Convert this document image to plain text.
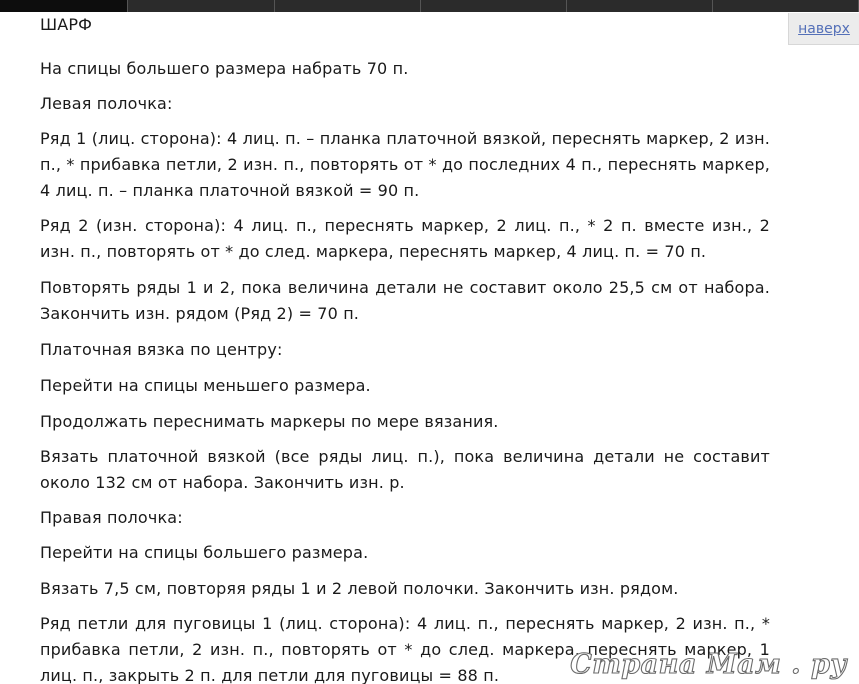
наверх

ШАРФ

На спицы большего размера набрать 70 п.

Левая полочка:

Ряд 1 (лиц. сторона): 4 лиц. п. – планка платочной вязкой, переснять маркер, 2 изн. п., * прибавка петли, 2 изн. п., повторять от * до последних 4 п., переснять маркер, 4 лиц. п. – планка платочной вязкой = 90 п.

Ряд 2 (изн. сторона): 4 лиц. п., переснять маркер, 2 лиц. п., * 2 п. вместе изн., 2 изн. п., повторять от * до след. маркера, переснять маркер, 4 лиц. п. = 70 п.

Повторять ряды 1 и 2, пока величина детали не составит около 25,5 см от набора. Закончить изн. рядом (Ряд 2) = 70 п.

Платочная вязка по центру:

Перейти на спицы меньшего размера.

Продолжать переснимать маркеры по мере вязания.

Вязать платочной вязкой (все ряды лиц. п.), пока величина детали не составит около 132 см от набора. Закончить изн. р.

Правая полочка:

Перейти на спицы большего размера.

Вязать 7,5 см, повторяя ряды 1 и 2 левой полочки. Закончить изн. рядом.

Ряд петли для пуговицы 1 (лиц. сторона): 4 лиц. п., переснять маркер, 2 изн. п., * прибавка петли, 2 изн. п., повторять от * до след. маркера, переснять маркер, 1 лиц. п., закрыть 2 п. для петли для пуговицы = 88 п.	Страна Мам . ру
